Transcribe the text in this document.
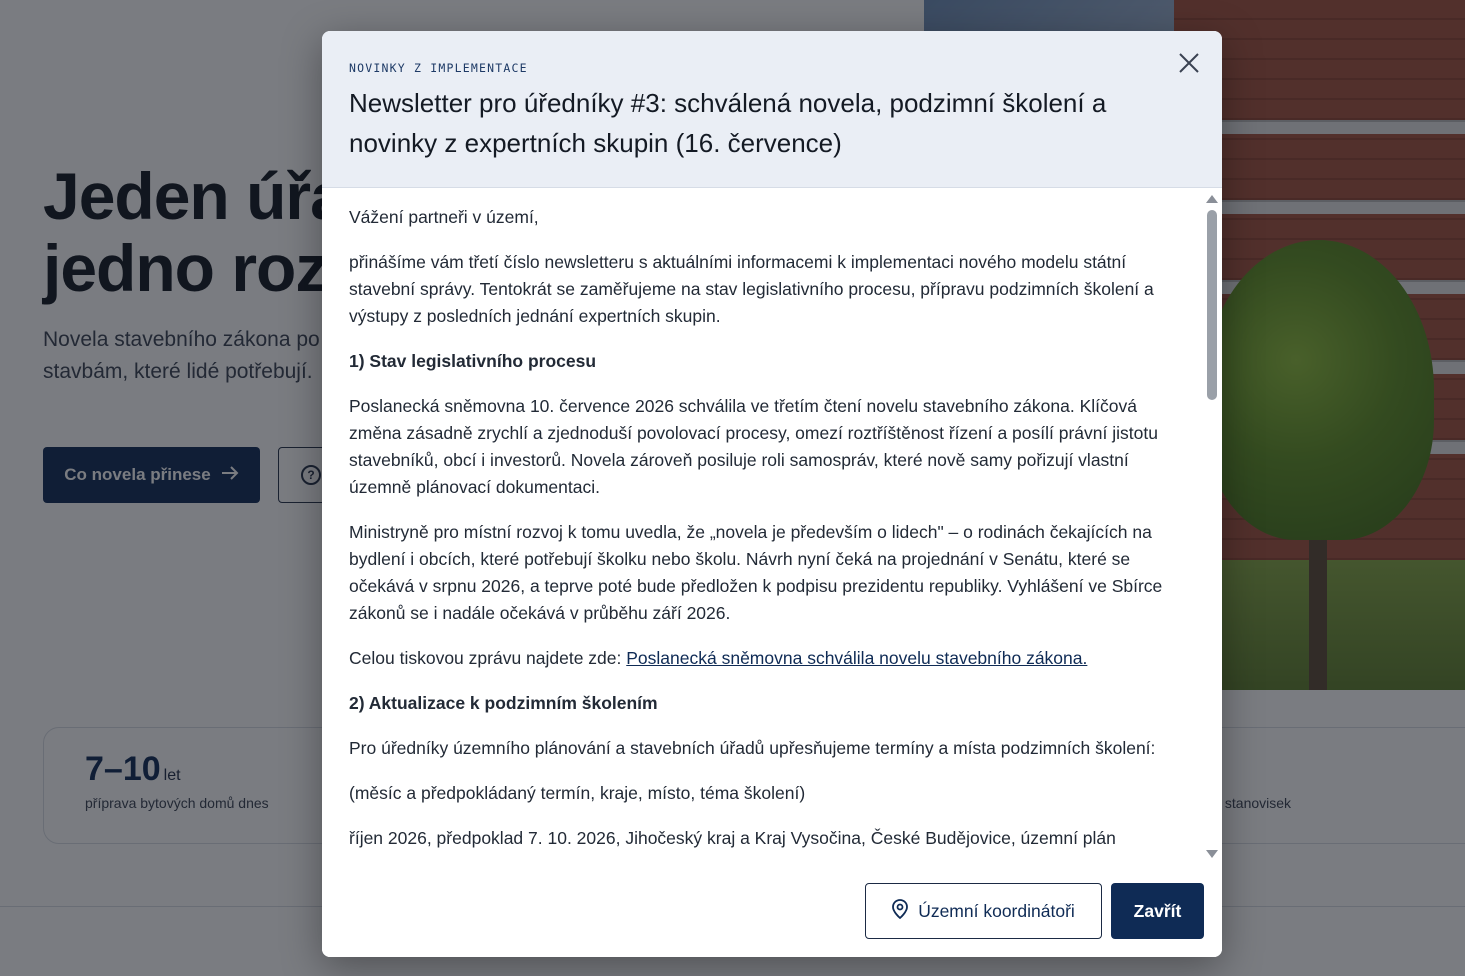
NOVINKY Z IMPLEMENTACE
Newsletter pro úředníky #3: schválená novela, podzimní školení a novinky z expertních skupin (16. července)

Vážení partneři v území,

přinášíme vám třetí číslo newsletteru s aktuálními informacemi k implementaci nového modelu státní stavební správy. Tentokrát se zaměřujeme na stav legislativního procesu, přípravu podzimních školení a výstupy z posledních jednání expertních skupin.

1) Stav legislativního procesu

Poslanecká sněmovna 10. července 2026 schválila ve třetím čtení novelu stavebního zákona. Klíčová změna zásadně zrychlí a zjednoduší povolovací procesy, omezí roztříštěnost řízení a posílí právní jistotu stavebníků, obcí i investorů. Novela zároveň posiluje roli samospráv, které nově samy pořizují vlastní územně plánovací dokumentaci.

Ministryně pro místní rozvoj k tomu uvedla, že „novela je především o lidech" – o rodinách čekajících na bydlení i obcích, které potřebují školku nebo školu. Návrh nyní čeká na projednání v Senátu, které se očekává v srpnu 2026, a teprve poté bude předložen k podpisu prezidentu republiky. Vyhlášení ve Sbírce zákonů se i nadále očekává v průběhu září 2026.

Celou tiskovou zprávu najdete zde: Poslanecká sněmovna schválila novelu stavebního zákona.

2) Aktualizace k podzimním školením

Pro úředníky územního plánování a stavebních úřadů upřesňujeme termíny a místa podzimních školení:

(měsíc a předpokládaný termín, kraje, místo, téma školení)

říjen 2026, předpoklad 7. 10. 2026, Jihočeský kraj a Kraj Vysočina, České Budějovice, územní plán

Územní koordinátoři	Zavřít
